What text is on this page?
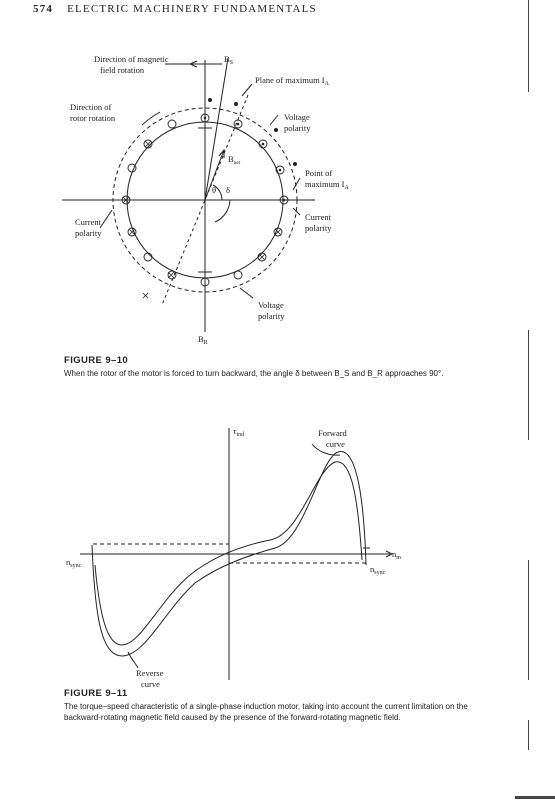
574 ELECTRIC MACHINERY FUNDAMENTALS
$B_S$
$B_R$
$B_{net}$
Direction of magnetic
field rotation
Plane of maximum $I_A$
Direction of
rotor rotation	Voltage
polarity
Point of
maximum $I_A$
Current
polarity
Current
polarity
Voltage
polarity
θ δ
FIGURE 9–10
When the rotor of the motor is forced to turn backward, the angle δ between B_S and B_R approaches 90°.
$\tau_{ind}$	Forward
curve
Reverse
curve
$n_m$
$n_{sync}$	$n_{sync}$
FIGURE 9–11
The torque–speed characteristic of a single-phase induction motor, taking into account the current limitation on the backward-rotating magnetic field caused by the presence of the forward-rotating magnetic field.
